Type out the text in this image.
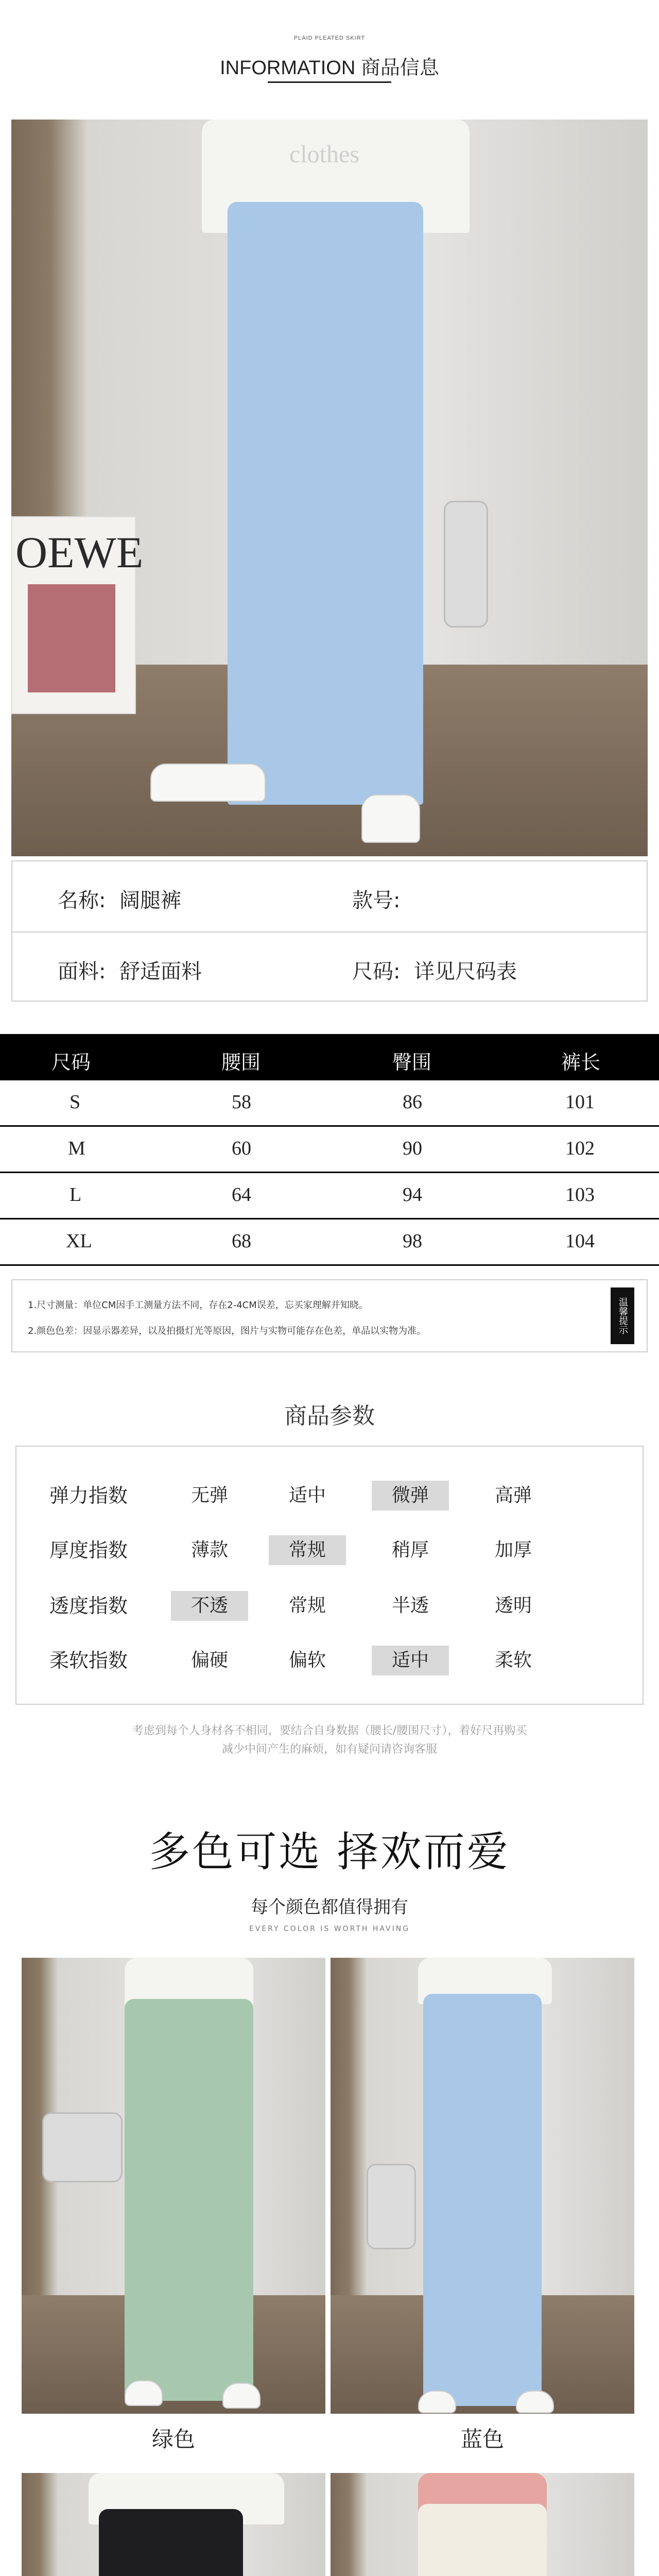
PLAID PLEATED SKIRT
INFORMATION 商品信息
OEWE
clothes
名称: 阔腿裤	款号:
面料: 舒适面料	尺码: 详见尺码表
尺码	腰围	臀围	裤长
S	58	86	101
M	60	90	102
L	64	94	103
XL	68	98	104
1.尺寸测量：单位CM因手工测量方法不同，存在2-4CM误差，忘买家理解并知晓。
2.颜色色差：因显示器差异，以及拍摄灯光等原因，图片与实物可能存在色差，单品以实物为准。	温馨提示
商品参数
弹力指数	无弹	适中	微弹	高弹
厚度指数	薄款	常规	稍厚	加厚
透度指数	不透	常规	半透	透明
柔软指数	偏硬	偏软	适中	柔软
考虑到每个人身材各不相同，要结合自身数据（腰长/腰围尺寸），着好尺再购买
减少中间产生的麻烦，如有疑问请咨询客服
多色可选 择欢而爱
每个颜色都值得拥有
EVERY COLOR IS WORTH HAVING
绿色	蓝色
